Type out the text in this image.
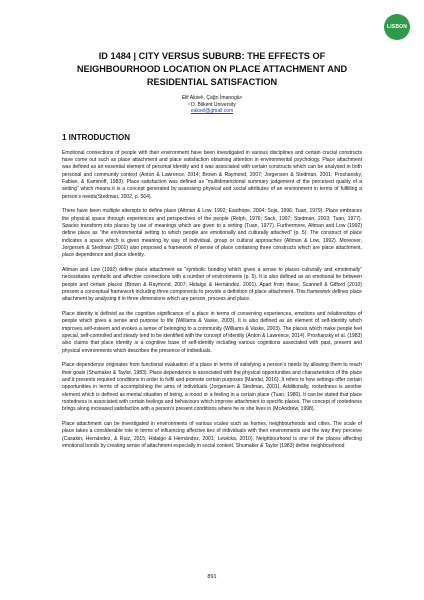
LISBON
2015
ID 1484 | CITY VERSUS SUBURB: THE EFFECTS OF NEIGHBOURHOOD LOCATION ON PLACE ATTACHMENT AND RESIDENTIAL SATISFACTION
Elif Aksel¹, Çağrı İmanoglu¹
¹ D. Bilkent University
eaksel@gmail.com
1 INTRODUCTION

Emotional connections of people with their environment have been investigated in various disciplines and certain crucial constructs have come out such as place attachment and place satisfaction obtaining attention in environmental psychology. Place attachment was defined as an essential element of personal identity and it was associated with certain constructs which can be analysed in both personal and community context (Anton & Lawrence, 2014; Brown & Raymond, 2007; Jorgensen & Stedman, 2001; Proshansky, Fabian, & Kaminoff, 1983). Place satisfaction was defined as “multidimensional summary judgement of the perceived quality of a setting” which means it is a concept generated by assessing physical and social attributes of an environment in terms of fulfilling a person’s needs(Stedman, 2002, p. 564).

There have been multiple attempts to define place (Altman & Low, 1992; Easthope, 2004; Soja, 1996; Tuan, 1979). Place embraces the physical space through experiences and perspectives of the people (Relph, 1976; Sack, 1997; Stedman, 2003; Tuan, 1977). Spaces transform into places by use of meanings which are given to a setting (Tuan, 1977). Furthermore, Altman and Low (1992) define place as “the environmental setting to which people are emotionally and culturally attached” (p. 5). The construct of place indicates a space which is given meaning by way of individual, group or cultural approaches (Altman & Low, 1992). Moreover, Jorgersen & Stedman (2001) also proposed a framework of sense of place containing three constructs which are place attachment, place dependence and place identity.

Altman and Low (1992) define place attachment as “symbolic bonding which gives a sense to places culturally and emotionally” necessitates symbolic and affective connections with a number of environments (p. 5). It is also defined as an emotional tie between people and certain places (Brown & Raymond, 2007; Hidalgo & Hernández, 2001). Apart from these, Scannell & Gifford (2010) present a conceptual framework including three components to provide a definition of place attachment. This framework defines place attachment by analysing it in three dimensions which are person, process and place.

Place identity is defined as the cognitive significance of a place in terms of conserving experiences, emotions and relationships of people which gives a sense and purpose to life (Williams & Vaske, 2003). It is also defined as an element of self-identity which improves self-esteem and evokes a sense of belonging to a community (Williams & Vaske, 2003). The places which make people feel special, self-controlled and steady tend to be identified with the concept of identity (Anton & Lawrence, 2014). Proshansky et al. (1983) also claims that place identity is a cognitive base of self-identity including various cognitions associated with past, present and physical environments which describes the presence of individuals.

Place dependence originates from functional evaluation of a place in terms of satisfying a person’s needs by allowing them to reach their goals (Shumaker & Taylor, 1983). Place dependence is associated with the physical opportunities and characteristics of the place and it presents required conditions in order to fulfil and promote certain purposes (Mandal, 2016). It refers to how settings offer certain opportunities in terms of accomplishing the aims of individuals (Jorgensen & Stedman, 2001). Additionally, rootedness is another element which is defined as mental situation of being, a mood or a feeling in a certain place (Tuan, 1980). It can be stated that place rootedness is associated with certain feelings and behaviours which improve attachment to specific places. The concept of rootedness brings along increased satisfaction with a person’s present conditions where he or she lives in (McAndrew, 1998).

Place attachment can be investigated in environments of various scales such as homes, neighbourhoods and cities. The scale of place takes a considerable role in terms of influencing affective ties of individuals with their environments and the way they perceive (Casakin, Hernández, & Ruiz, 2015; Hidalgo & Hernández, 2001; Lewicka, 2010). Neighbourhood is one of the places affecting emotional bonds by creating sense of attachment especially in social context. Shumaker & Taylor (1983) define neighbourhood

891
